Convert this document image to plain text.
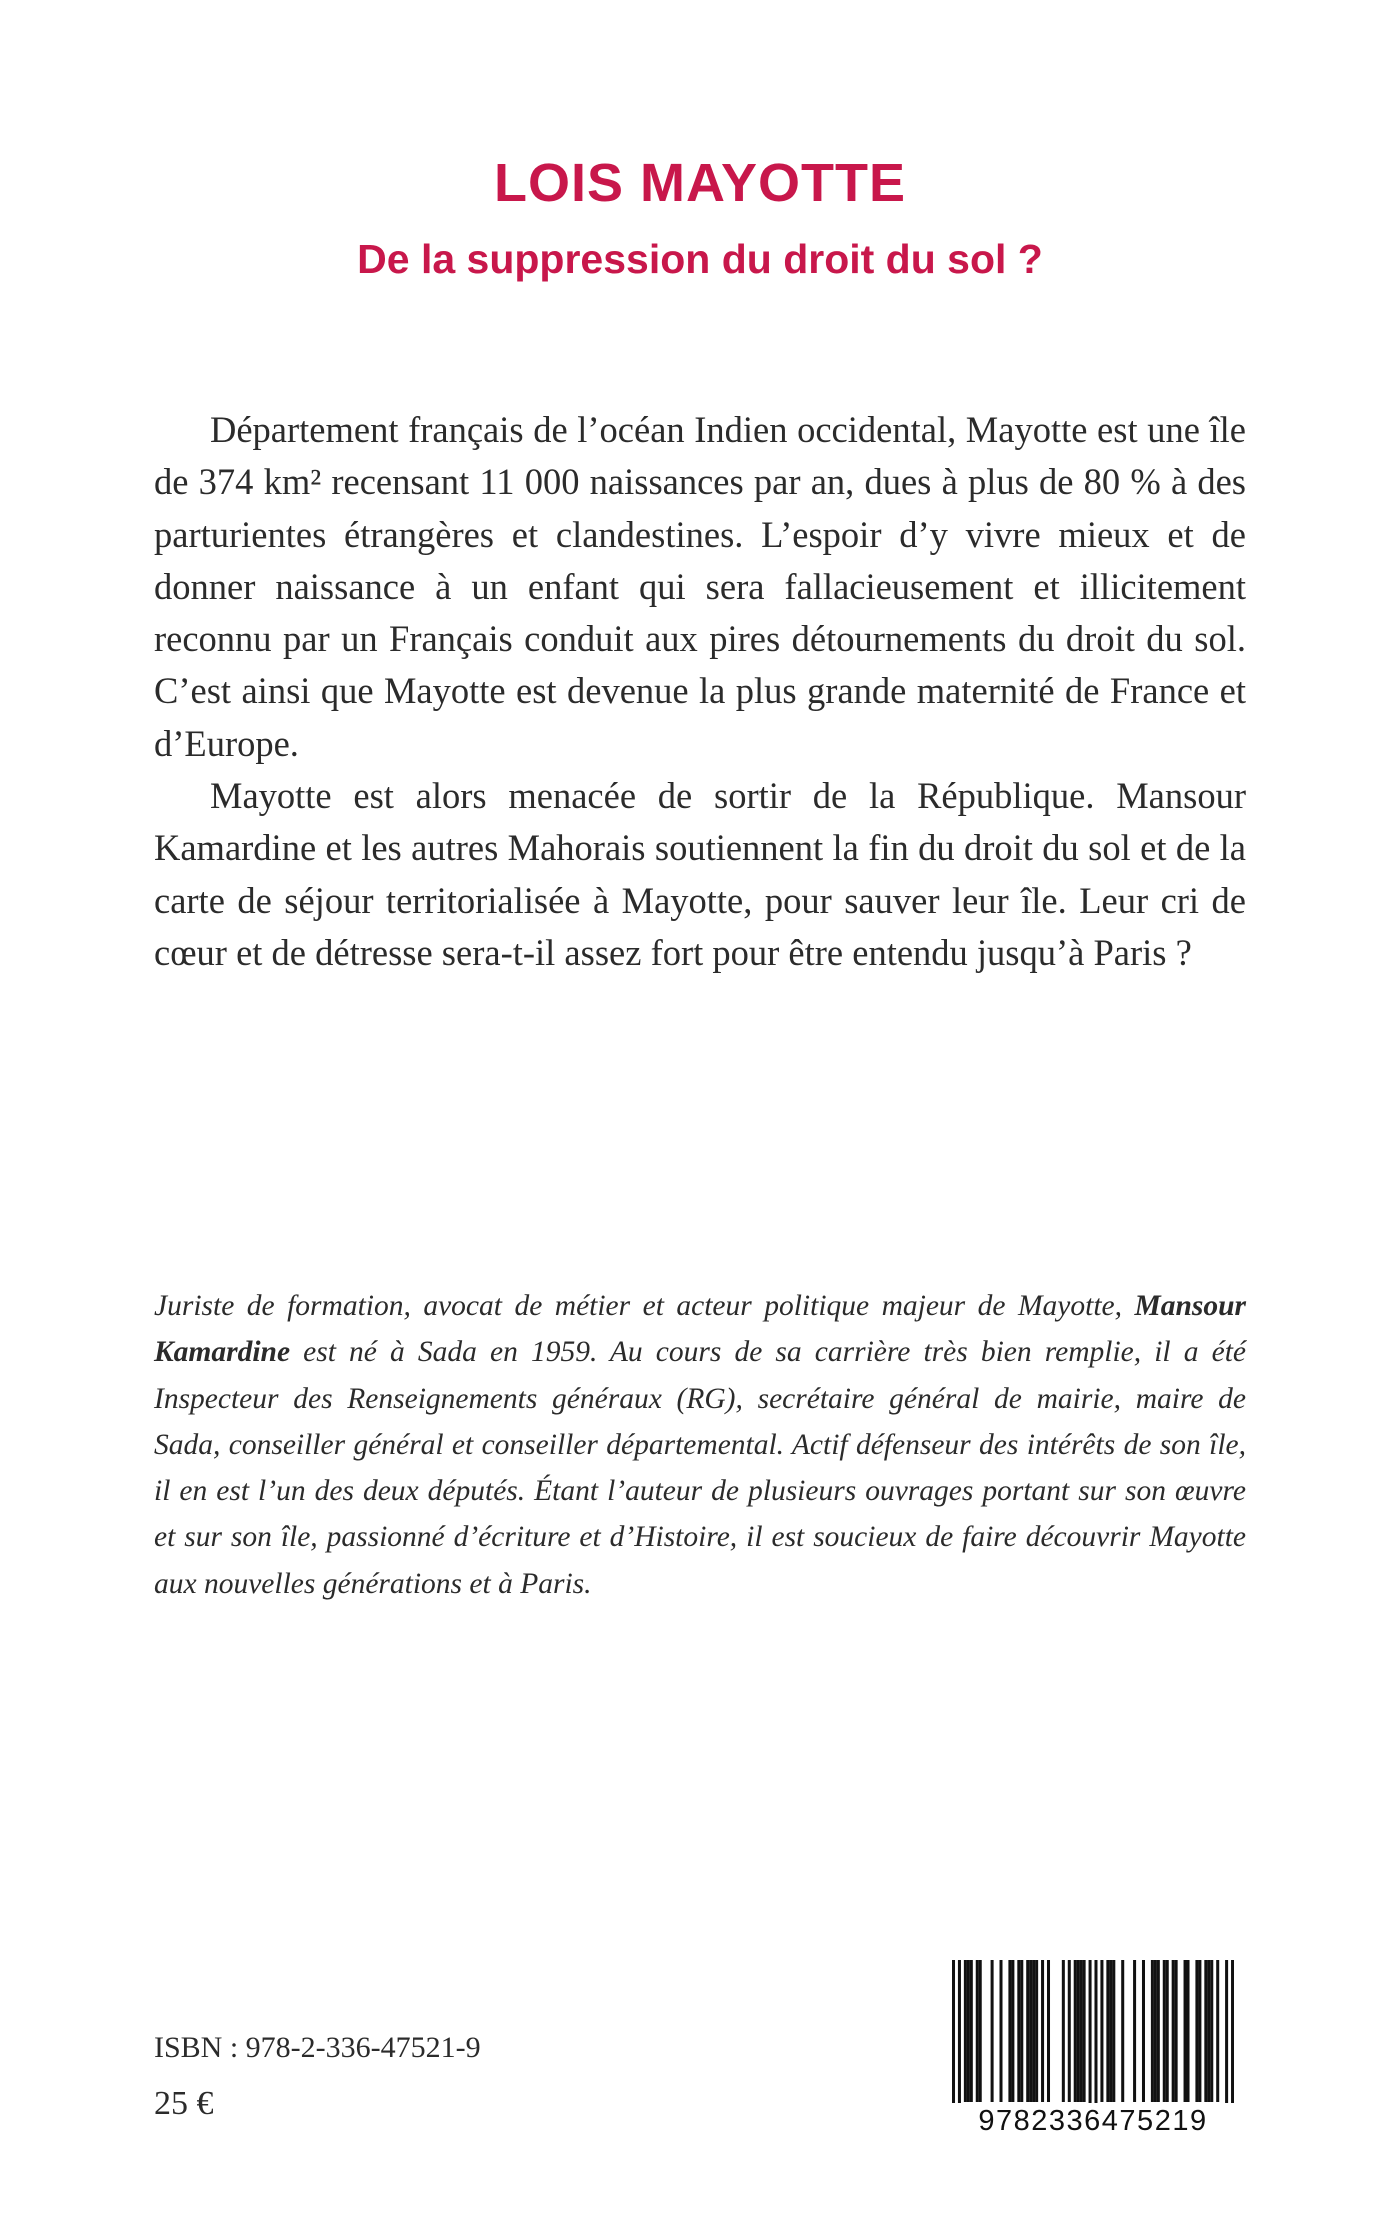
LOIS MAYOTTE
De la suppression du droit du sol ?

Département français de l’océan Indien occidental, Mayotte est une île de 374 km² recensant 11 000 naissances par an, dues à plus de 80 % à des parturientes étrangères et clandestines. L’espoir d’y vivre mieux et de donner naissance à un enfant qui sera fallacieusement et illicitement reconnu par un Français conduit aux pires détournements du droit du sol. C’est ainsi que Mayotte est devenue la plus grande maternité de France et d’Europe.

Mayotte est alors menacée de sortir de la République. Mansour Kamardine et les autres Mahorais soutiennent la fin du droit du sol et de la carte de séjour territorialisée à Mayotte, pour sauver leur île. Leur cri de cœur et de détresse sera-t-il assez fort pour être entendu jusqu’à Paris ?

Juriste de formation, avocat de métier et acteur politique majeur de Mayotte, Mansour Kamardine est né à Sada en 1959. Au cours de sa carrière très bien remplie, il a été Inspecteur des Renseignements généraux (RG), secrétaire général de mairie, maire de Sada, conseiller général et conseiller départemental. Actif défenseur des intérêts de son île, il en est l’un des deux députés. Étant l’auteur de plusieurs ouvrages portant sur son œuvre et sur son île, passionné d’écriture et d’Histoire, il est soucieux de faire découvrir Mayotte aux nouvelles générations et à Paris.

ISBN : 978-2-336-47521-9
25 €	9782336475219
